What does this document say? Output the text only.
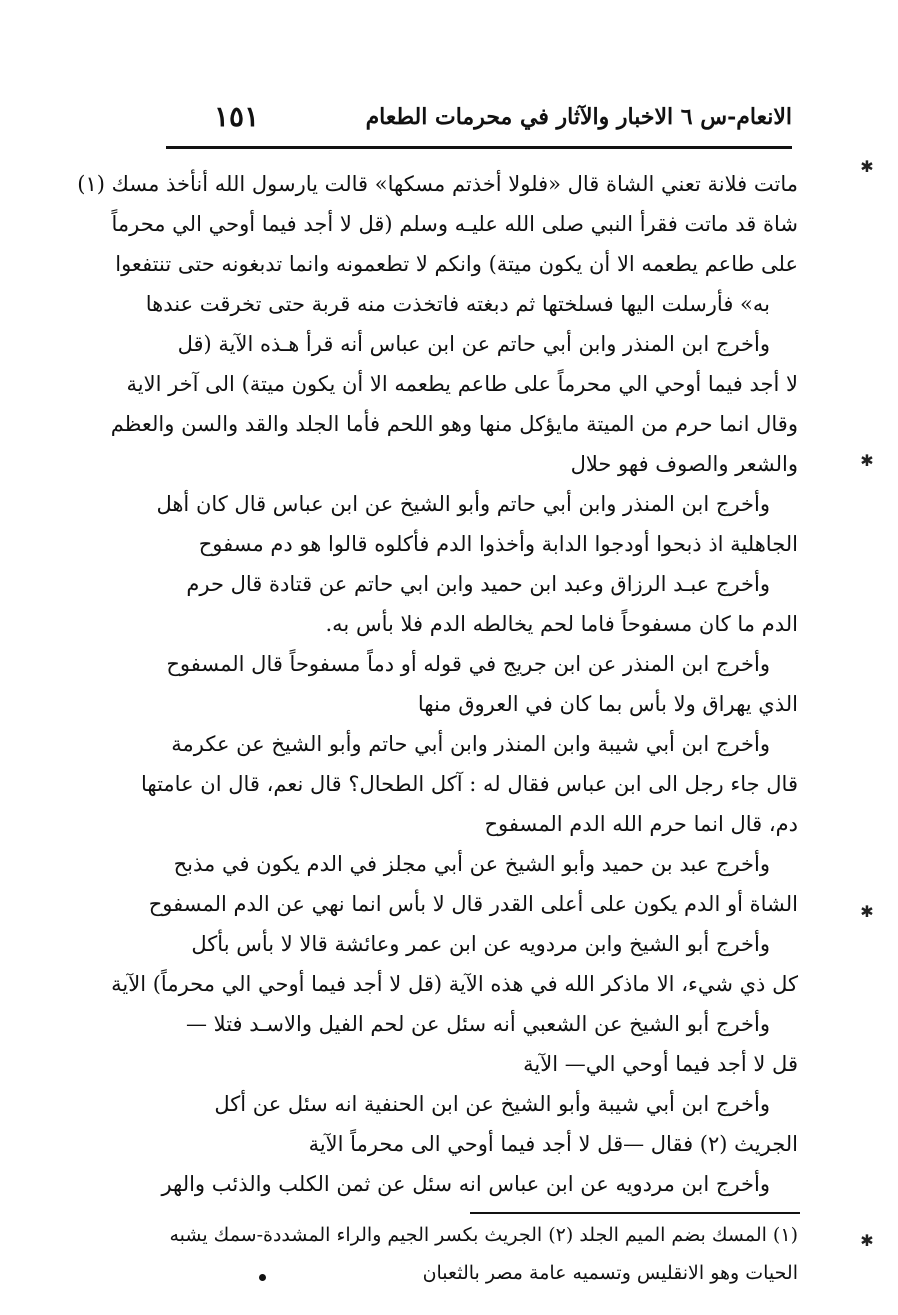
الانعام-س ٦ الاخبار والآثار في محرمات الطعام
١٥١
ماتت فلانة تعني الشاة قال «فلولا أخذتم مسكها» قالت يارسول الله أنأخذ مسك (١)
شاة قد ماتت فقرأ النبي صلى الله عليـه وسلم (قل لا أجد فيما أوحي الي محرماً
على طاعم يطعمه الا أن يكون ميتة) وانكم لا تطعمونه وانما تدبغونه حتى تنتفعوا
به» فأرسلت اليها فسلختها ثم دبغته فاتخذت منه قربة حتى تخرقت عندها
وأخرج ابن المنذر وابن أبي حاتم عن ابن عباس أنه قرأ هـذه الآية (قل
لا أجد فيما أوحي الي محرماً على طاعم يطعمه الا أن يكون ميتة) الى آخر الاية
وقال انما حرم من الميتة مايؤكل منها وهو اللحم فأما الجلد والقد والسن والعظم
والشعر والصوف فهو حلال
وأخرج ابن المنذر وابن أبي حاتم وأبو الشيخ عن ابن عباس قال كان أهل
الجاهلية اذ ذبحوا أودجوا الدابة وأخذوا الدم فأكلوه قالوا هو دم مسفوح
وأخرج عبـد الرزاق وعبد ابن حميد وابن ابي حاتم عن قتادة قال حرم
الدم ما كان مسفوحاً فاما لحم يخالطه الدم فلا بأس به.
وأخرج ابن المنذر عن ابن جريج في قوله أو دماً مسفوحاً قال المسفوح
الذي يهراق ولا بأس بما كان في العروق منها
وأخرج ابن أبي شيبة وابن المنذر وابن أبي حاتم وأبو الشيخ عن عكرمة
قال جاء رجل الى ابن عباس فقال له : آكل الطحال؟ قال نعم، قال ان عامتها
دم، قال انما حرم الله الدم المسفوح
وأخرج عبد بن حميد وأبو الشيخ عن أبي مجلز في الدم يكون في مذبح
الشاة أو الدم يكون على أعلى القدر قال لا بأس انما نهي عن الدم المسفوح
وأخرج أبو الشيخ وابن مردويه عن ابن عمر وعائشة قالا لا بأس بأكل
كل ذي شيء، الا ماذكر الله في هذه الآية (قل لا أجد فيما أوحي الي محرماً) الآية
وأخرج أبو الشيخ عن الشعبي أنه سئل عن لحم الفيل والاسـد فتلا —
قل لا أجد فيما أوحي الي— الآية
وأخرج ابن أبي شيبة وأبو الشيخ عن ابن الحنفية انه سئل عن أكل
الجريث (٢) فقال —قل لا أجد فيما أوحي الى محرماً الآية
وأخرج ابن مردويه عن ابن عباس انه سئل عن ثمن الكلب والذئب والهر
(١) المسك بضم الميم الجلد (٢) الجريث بكسر الجيم والراء المشددة-سمك يشبه
الحيات وهو الانقليس وتسميه عامة مصر بالثعبان
✱
✱
✱
✱
